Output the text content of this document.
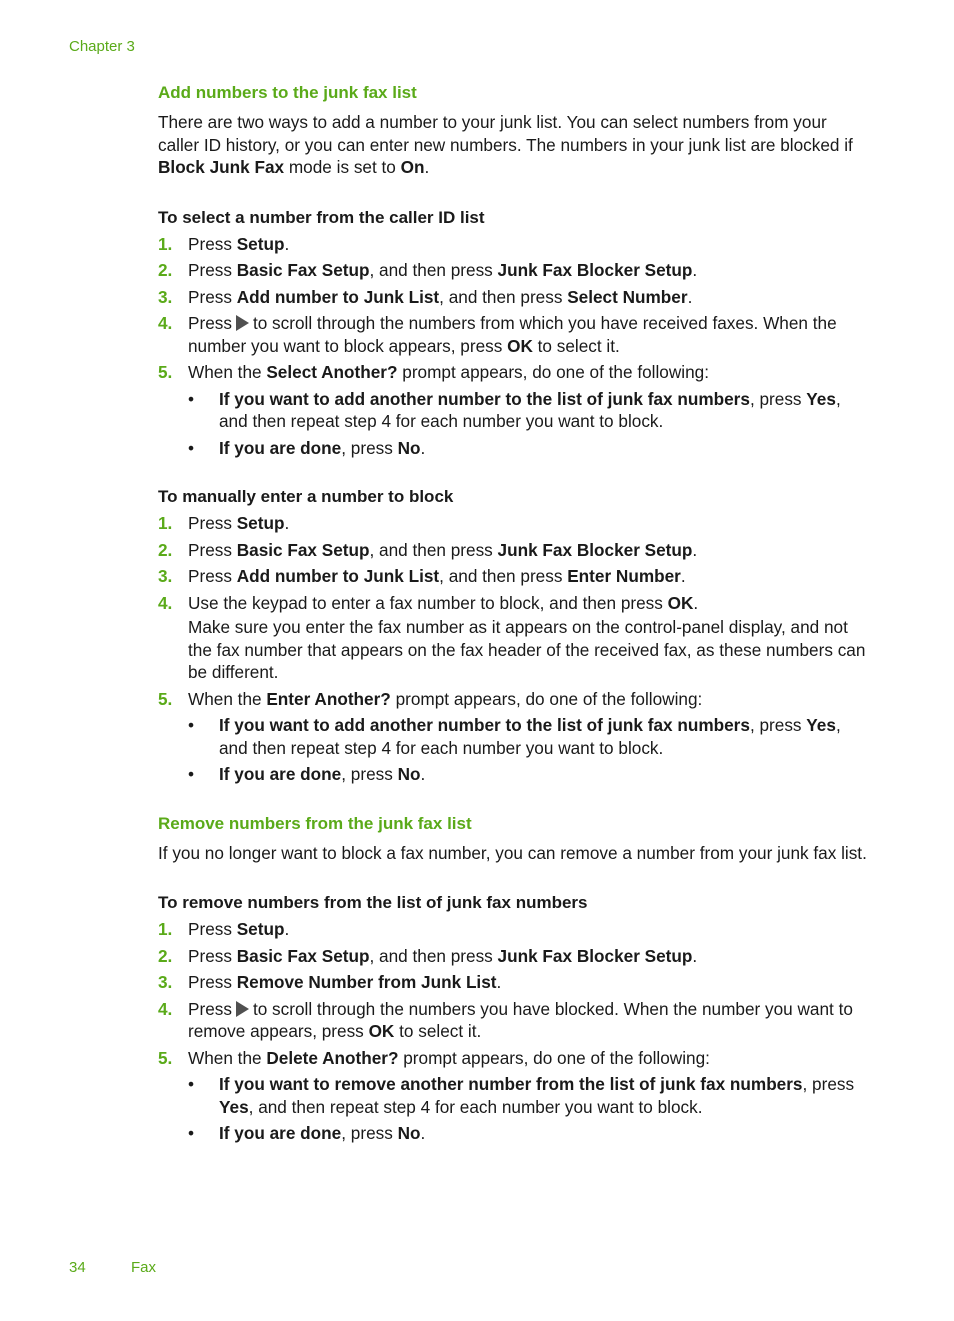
Chapter 3
Add numbers to the junk fax list

There are two ways to add a number to your junk list. You can select numbers from your caller ID history, or you can enter new numbers. The numbers in your junk list are blocked if Block Junk Fax mode is set to On.

To select a number from the caller ID list
1. Press Setup.
2. Press Basic Fax Setup, and then press Junk Fax Blocker Setup.
3. Press Add number to Junk List, and then press Select Number.
4. Press to scroll through the numbers from which you have received faxes. When the number you want to block appears, press OK to select it.
5. When the Select Another? prompt appears, do one of the following:
• If you want to add another number to the list of junk fax numbers, press Yes, and then repeat step 4 for each number you want to block.
• If you are done, press No.
To manually enter a number to block
1. Press Setup.
2. Press Basic Fax Setup, and then press Junk Fax Blocker Setup.
3. Press Add number to Junk List, and then press Enter Number.
4. Use the keypad to enter a fax number to block, and then press OK.

Make sure you enter the fax number as it appears on the control-panel display, and not the fax number that appears on the fax header of the received fax, as these numbers can be different.

5. When the Enter Another? prompt appears, do one of the following:
• If you want to add another number to the list of junk fax numbers, press Yes, and then repeat step 4 for each number you want to block.
• If you are done, press No.
Remove numbers from the junk fax list

If you no longer want to block a fax number, you can remove a number from your junk fax list.

To remove numbers from the list of junk fax numbers
1. Press Setup.
2. Press Basic Fax Setup, and then press Junk Fax Blocker Setup.
3. Press Remove Number from Junk List.
4. Press to scroll through the numbers you have blocked. When the number you want to remove appears, press OK to select it.
5. When the Delete Another? prompt appears, do one of the following:
• If you want to remove another number from the list of junk fax numbers, press Yes, and then repeat step 4 for each number you want to block.
• If you are done, press No.
34	Fax
